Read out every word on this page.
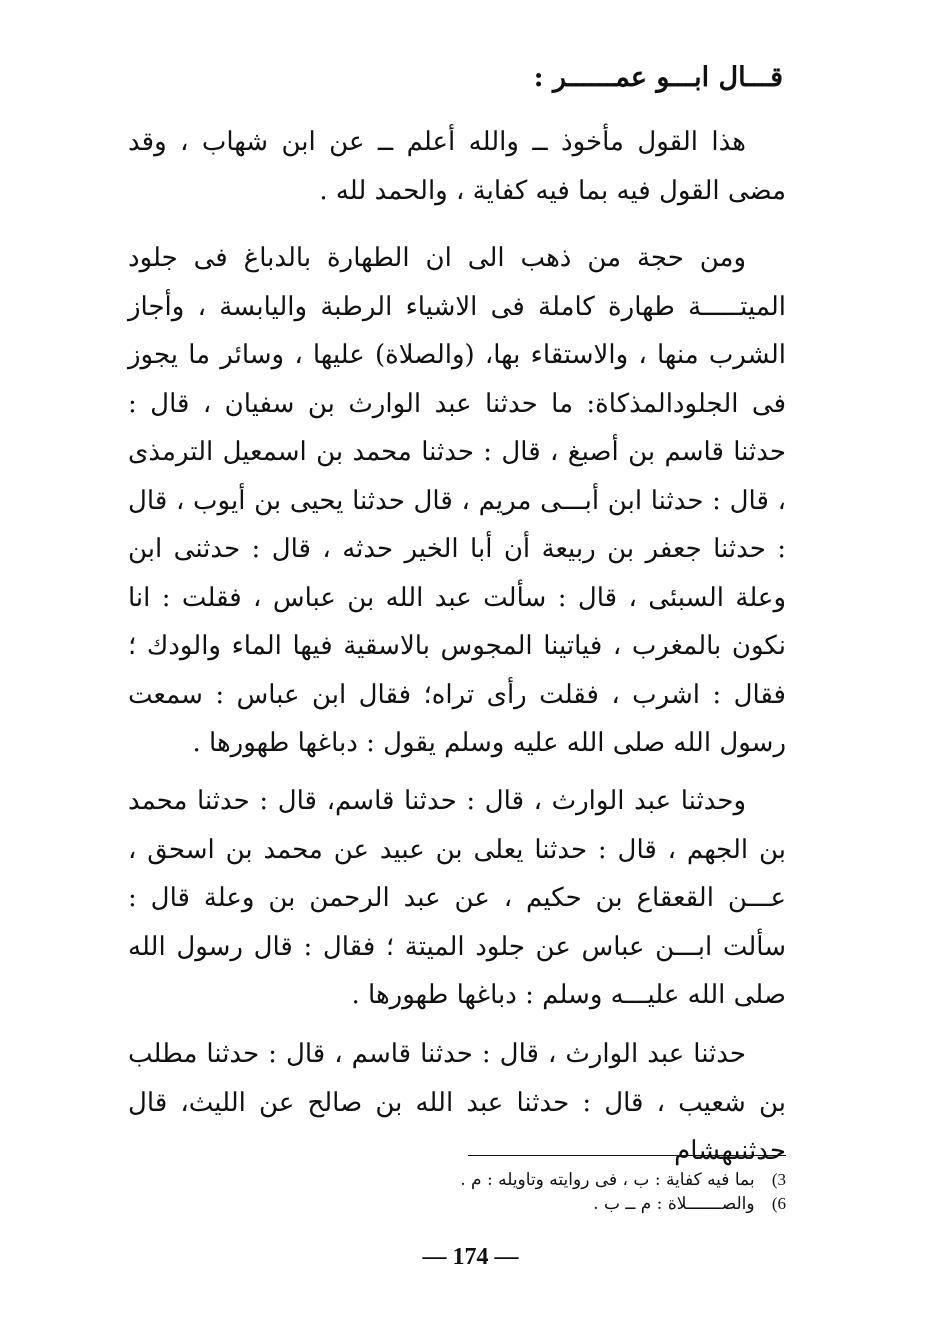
قـــال ابـــو عمــــــر :

هذا القول مأخوذ ــ والله أعلم ــ عن ابن شهاب ، وقد مضى القول فيه بما فيه كفاية ، والحمد لله .

ومن حجة من ذهب الى ان الطهارة بالدباغ فى جلود الميتـــــة طهارة كاملة فى الاشياء الرطبة واليابسة ، وأجاز الشرب منها ، والاستقاء بها، (والصلاة) عليها ، وسائر ما يجوز فى الجلودالمذكاة: ما حدثنا عبد الوارث بن سفيان ، قال : حدثنا قاسم بن أصبغ ، قال : حدثنا محمد بن اسمعيل الترمذى ، قال : حدثنا ابن أبـــى مريم ، قال حدثنا يحيى بن أيوب ، قال : حدثنا جعفر بن ربيعة أن أبا الخير حدثه ، قال : حدثنى ابن وعلة السبئى ، قال : سألت عبد الله بن عباس ، فقلت : انا نكون بالمغرب ، فياتينا المجوس بالاسقية فيها الماء والودك ؛ فقال : اشرب ، فقلت رأى تراه؛ فقال ابن عباس : سمعت رسول الله صلى الله عليه وسلم يقول : دباغها طهورها .

وحدثنا عبد الوارث ، قال : حدثنا قاسم، قال : حدثنا محمد بن الجهم ، قال : حدثنا يعلى بن عبيد عن محمد بن اسحق ، عـــن القعقاع بن حكيم ، عن عبد الرحمن بن وعلة قال : سألت ابـــن عباس عن جلود الميتة ؛ فقال : قال رسول الله صلى الله عليـــه وسلم : دباغها طهورها .

حدثنا عبد الوارث ، قال : حدثنا قاسم ، قال : حدثنا مطلب بن شعيب ، قال : حدثنا عبد الله بن صالح عن الليث، قال حدثنىهشام

3) بما فيه كفاية : ب ، فى روايته وتاويله : م .
6) والصـــــــلاة : م ــ ب .
— 174 —
